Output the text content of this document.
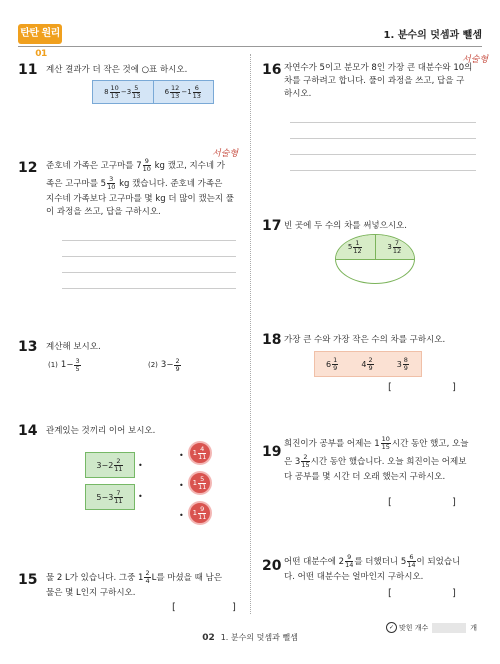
탄탄 원리01
1. 분수의 덧셈과 뺄셈
11 계산 결과가 더 작은 것에 ○표 하시오.
8
10
13 − 3
5
13	6
12
13 − 1
6
13
서술형
12 준호네 가족은 고구마를 $7 \frac{9}{10}$ kg 캤고, 지수네 가
족은 고구마를 $5 \frac{3}{10}$ kg 캤습니다. 준호네 가족은
지수네 가족보다 고구마를 몇 kg 더 많이 캤는지 풀
이 과정을 쓰고, 답을 구하시오.
13 계산해 보시오.
(1) $1 - \frac{3}{5}$	(2) $3 - \frac{2}{9}$
14 관계있는 것끼리 이어 보시오.
3 − 2 2
11 •
5 − 3 7
11 •
• 1
4
11
• 1
5
11
• 1
9
11
15 물 2 L가 있습니다. 그중 $1 \frac{2}{4}$ L를 마셨을 때 남은
물은 몇 L인지 구하시오.
[	]
서술형
16 자연수가 5이고 분모가 8인 가장 큰 대분수와 10의
차를 구하려고 합니다. 풀이 과정을 쓰고, 답을 구
하시오.
17 빈 곳에 두 수의 차를 써넣으시오.
5
1
12	3
7
12
18 가장 큰 수와 가장 작은 수의 차를 구하시오.
6 1
9	4 2
9	3 8
9
[	]
19 희진이가 공부를 어제는 $1 \frac{10}{15}$ 시간 동안 했고, 오늘
은 $3 \frac{2}{15}$ 시간 동안 했습니다. 오늘 희진이는 어제보
다 공부를 몇 시간 더 오래 했는지 구하시오.
[	]
20 어떤 대분수에 $2 \frac{9}{14}$ 를 더했더니 $5 \frac{6}{14}$ 이 되었습니
다. 어떤 대분수는 얼마인지 구하시오.
[	]
✓ 맞힌 개수	개
02 1. 분수의 덧셈과 뺄셈
